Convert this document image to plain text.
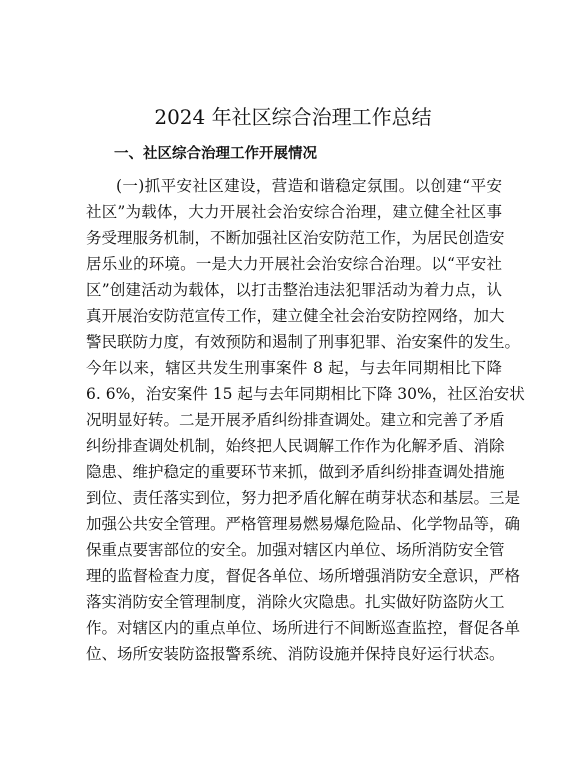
2024 年社区综合治理工作总结
一、社区综合治理工作开展情况
(一)抓平安社区建设，营造和谐稳定氛围。以创建“平安
社区”为载体，大力开展社会治安综合治理，建立健全社区事
务受理服务机制，不断加强社区治安防范工作，为居民创造安
居乐业的环境。一是大力开展社会治安综合治理。以“平安社
区”创建活动为载体，以打击整治违法犯罪活动为着力点，认
真开展治安防范宣传工作，建立健全社会治安防控网络，加大
警民联防力度，有效预防和遏制了刑事犯罪、治安案件的发生。
今年以来，辖区共发生刑事案件 8 起，与去年同期相比下降
6. 6%，治安案件 15 起与去年同期相比下降 30%，社区治安状
况明显好转。二是开展矛盾纠纷排查调处。建立和完善了矛盾
纠纷排查调处机制，始终把人民调解工作作为化解矛盾、消除
隐患、维护稳定的重要环节来抓，做到矛盾纠纷排查调处措施
到位、责任落实到位，努力把矛盾化解在萌芽状态和基层。三是
加强公共安全管理。严格管理易燃易爆危险品、化学物品等，确
保重点要害部位的安全。加强对辖区内单位、场所消防安全管
理的监督检查力度，督促各单位、场所增强消防安全意识，严格
落实消防安全管理制度，消除火灾隐患。扎实做好防盗防火工
作。对辖区内的重点单位、场所进行不间断巡查监控，督促各单
位、场所安装防盗报警系统、消防设施并保持良好运行状态。
